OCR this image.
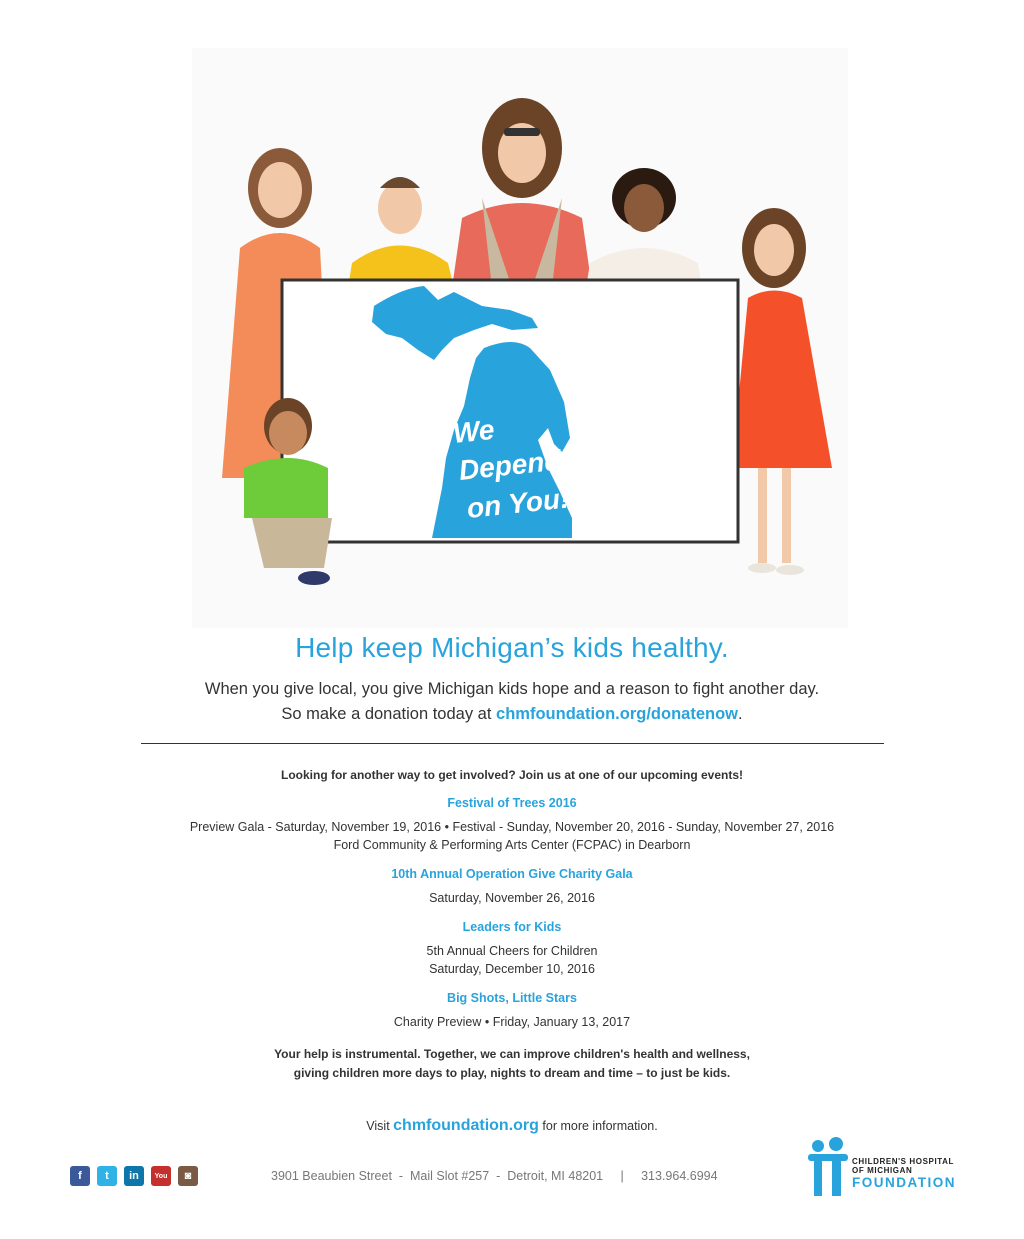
We
Depend
on You!
Help keep Michigan’s kids healthy.
When you give local, you give Michigan kids hope and a reason to fight another day.
So make a donation today at chmfoundation.org/donatenow.
Looking for another way to get involved? Join us at one of our upcoming events!
Festival of Trees 2016
Preview Gala - Saturday, November 19, 2016 • Festival - Sunday, November 20, 2016 - Sunday, November 27, 2016
Ford Community & Performing Arts Center (FCPAC) in Dearborn
10th Annual Operation Give Charity Gala
Saturday, November 26, 2016
Leaders for Kids
5th Annual Cheers for Children
Saturday, December 10, 2016
Big Shots, Little Stars
Charity Preview • Friday, January 13, 2017
Your help is instrumental. Together, we can improve children's health and wellness,
giving children more days to play, nights to dream and time – to just be kids.
Visit chmfoundation.org for more information.
f	t	in	You	◙	3901 Beaubien Street  -  Mail Slot #257  -  Detroit, MI 48201     |     313.964.6994
CHILDREN'S HOSPITAL
OF MICHIGAN
FOUNDATION
